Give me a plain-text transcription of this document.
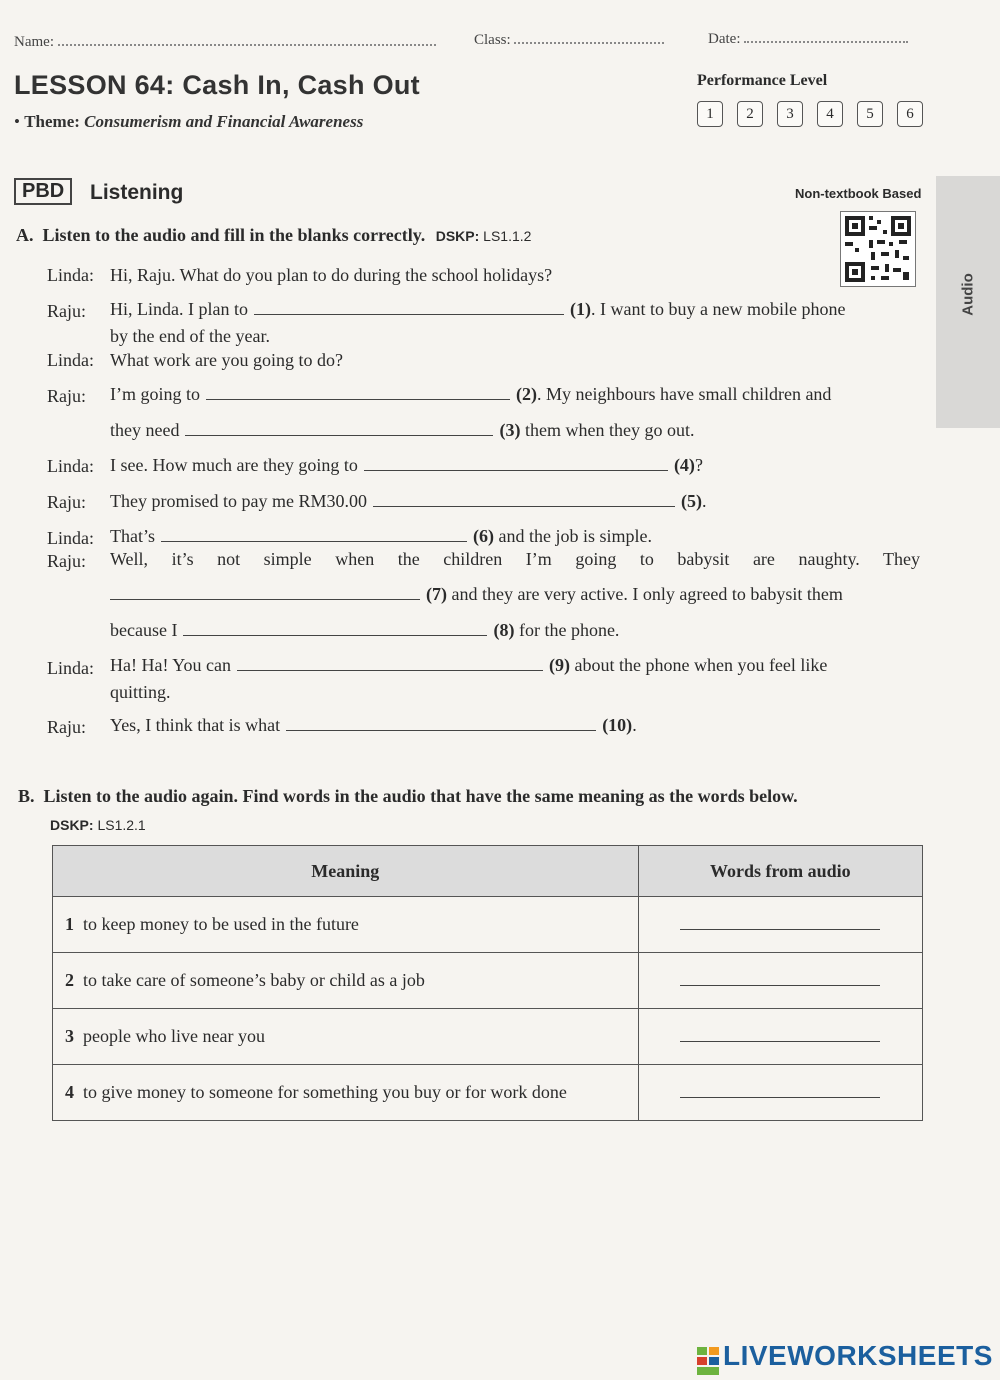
Name:	Class:	Date:
LESSON 64: Cash In, Cash Out
• Theme: Consumerism and Financial Awareness
Performance Level
1	2	3	4	5	6
PBD	Listening	Non-textbook Based
Audio
A. Listen to the audio and fill in the blanks correctly. DSKP: LS1.1.2
Linda: Hi, Raju. What do you plan to do during the school holidays?
Raju: Hi, Linda. I plan to	(1). I want to buy a new mobile phone
by the end of the year.
Linda: What work are you going to do?
Raju: I’m going to	(2). My neighbours have small children and
they need	(3) them when they go out.
Linda: I see. How much are they going to	(4)?
Raju: They promised to pay me RM30.00	(5).
Linda: That’s	(6) and the job is simple.
Raju: Well, it’s not simple when the children I’m going to babysit are naughty. They
(7) and they are very active. I only agreed to babysit them
because I	(8) for the phone.
Linda: Ha! Ha! You can	(9) about the phone when you feel like
quitting.
Raju: Yes, I think that is what	(10).
B. Listen to the audio again. Find words in the audio that have the same meaning as the words below.
DSKP: LS1.2.1
Meaning	Words from audio
1 to keep money to be used in the future	
2 to take care of someone’s baby or child as a job	
3 people who live near you	
4 to give money to someone for something you buy or for work done	
LIVEWORKSHEETS
